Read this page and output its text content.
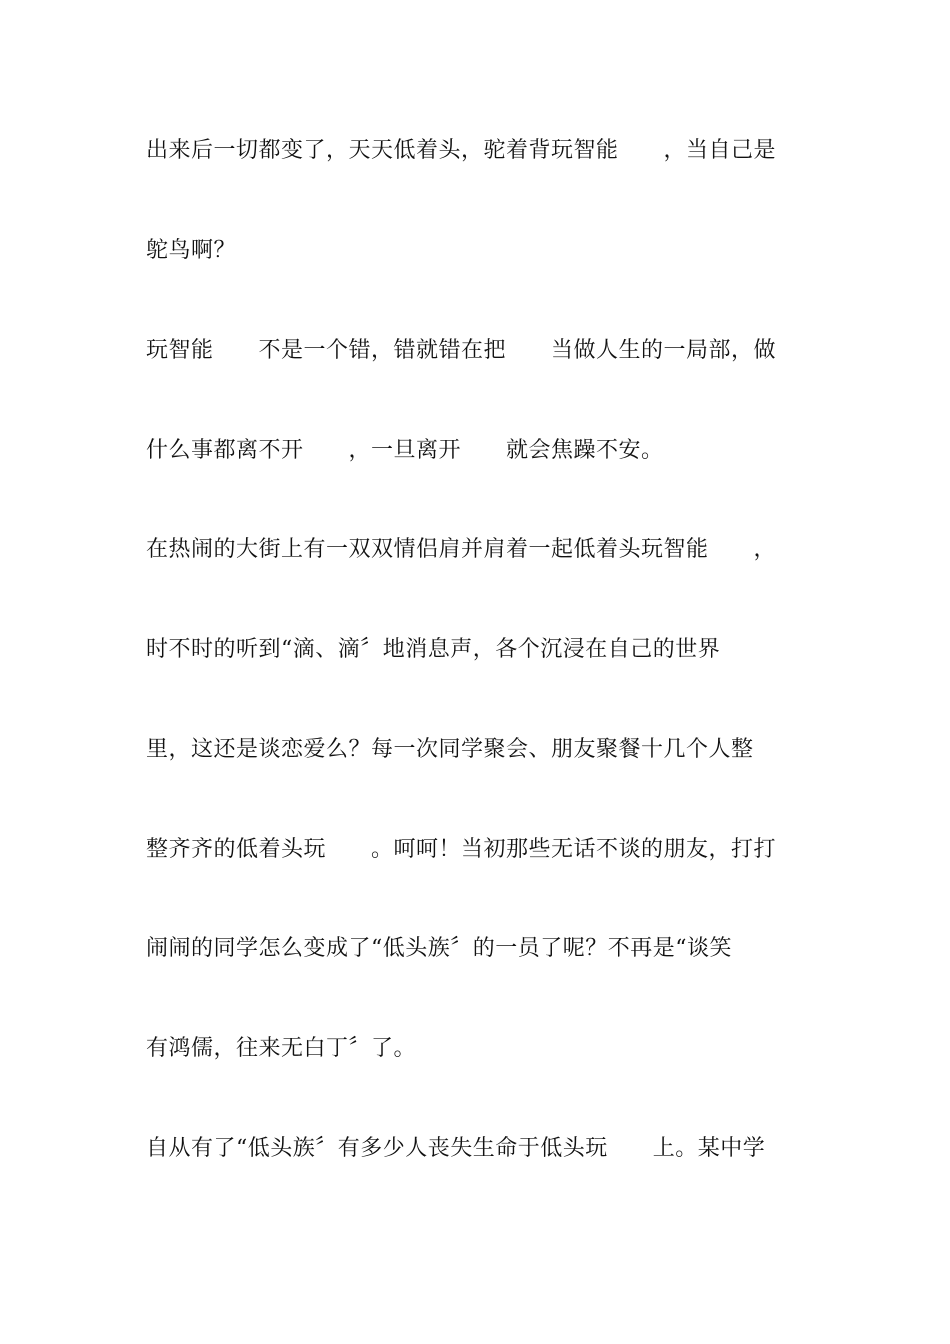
出来后一切都变了，天天低着头，驼着背玩智能　　，当自己是
鸵鸟啊？
玩智能　　不是一个错，错就错在把　　当做人生的一局部，做
什么事都离不开　　，一旦离开　　就会焦躁不安。
在热闹的大街上有一双双情侣肩并肩着一起低着头玩智能　　，
时不时的听到“滴、滴〞地消息声，各个沉浸在自己的世界
里，这还是谈恋爱么？每一次同学聚会、朋友聚餐十几个人整
整齐齐的低着头玩　　。呵呵！当初那些无话不谈的朋友，打打
闹闹的同学怎么变成了“低头族〞的一员了呢？不再是“谈笑
有鸿儒，往来无白丁〞了。
自从有了“低头族〞有多少人丧失生命于低头玩　　上。某中学
